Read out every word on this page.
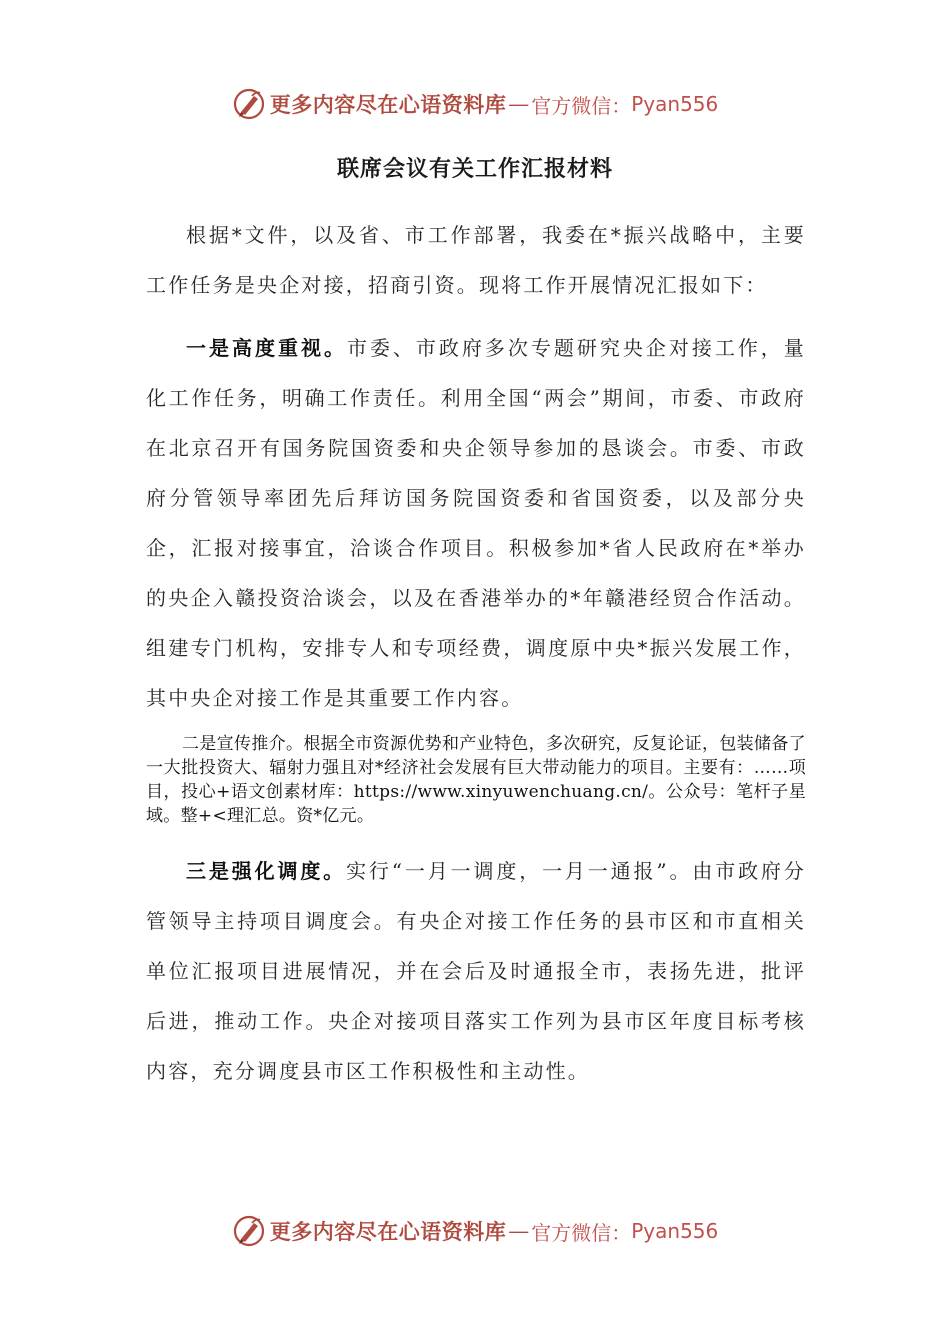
更多内容尽在心语资料库 — 官方微信： Pyan556
联席会议有关工作汇报材料

根据*文件，以及省、市工作部署，我委在*振兴战略中，主要工作任务是央企对接，招商引资。现将工作开展情况汇报如下：

一是高度重视。市委、市政府多次专题研究央企对接工作，量化工作任务，明确工作责任。利用全国“两会”期间，市委、市政府在北京召开有国务院国资委和央企领导参加的恳谈会。市委、市政府分管领导率团先后拜访国务院国资委和省国资委，以及部分央企，汇报对接事宜，洽谈合作项目。积极参加*省人民政府在*举办的央企入赣投资洽谈会，以及在香港举办的*年赣港经贸合作活动。组建专门机构，安排专人和专项经费，调度原中央*振兴发展工作，其中央企对接工作是其重要工作内容。

二是宣传推介。根据全市资源优势和产业特色，多次研究，反复论证，包装储备了一大批投资大、辐射力强且对*经济社会发展有巨大带动能力的项目。主要有：……项目，投心+语文创素材库：https://www.xinyuwenchuang.cn/。公众号：笔杆子星域。整+<理汇总。资*亿元。

三是强化调度。实行“一月一调度，一月一通报”。由市政府分管领导主持项目调度会。有央企对接工作任务的县市区和市直相关单位汇报项目进展情况，并在会后及时通报全市，表扬先进，批评后进，推动工作。央企对接项目落实工作列为县市区年度目标考核内容，充分调度县市区工作积极性和主动性。

更多内容尽在心语资料库 — 官方微信： Pyan556
